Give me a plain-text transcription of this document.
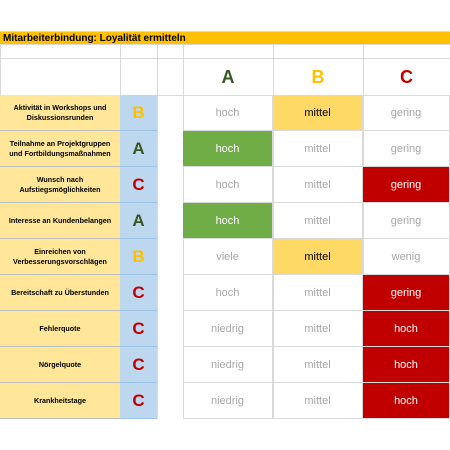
Mitarbeiterbindung: Loyalität ermitteln
A	B	C
Aktivität in Workshops und Diskussionsrunden	B	hoch	mittel	gering
Teilnahme an Projektgruppen und Fortbildungsmaßnahmen	A	hoch	mittel	gering
Wunsch nach Aufstiegsmöglichkeiten	C	hoch	mittel	gering
Interesse an Kundenbelangen	A	hoch	mittel	gering
Einreichen von Verbesserungsvorschlägen	B	viele	mittel	wenig
Bereitschaft zu Überstunden	C	hoch	mittel	gering
Fehlerquote	C	niedrig	mittel	hoch
Nörgelquote	C	niedrig	mittel	hoch
Krankheitstage	C	niedrig	mittel	hoch
